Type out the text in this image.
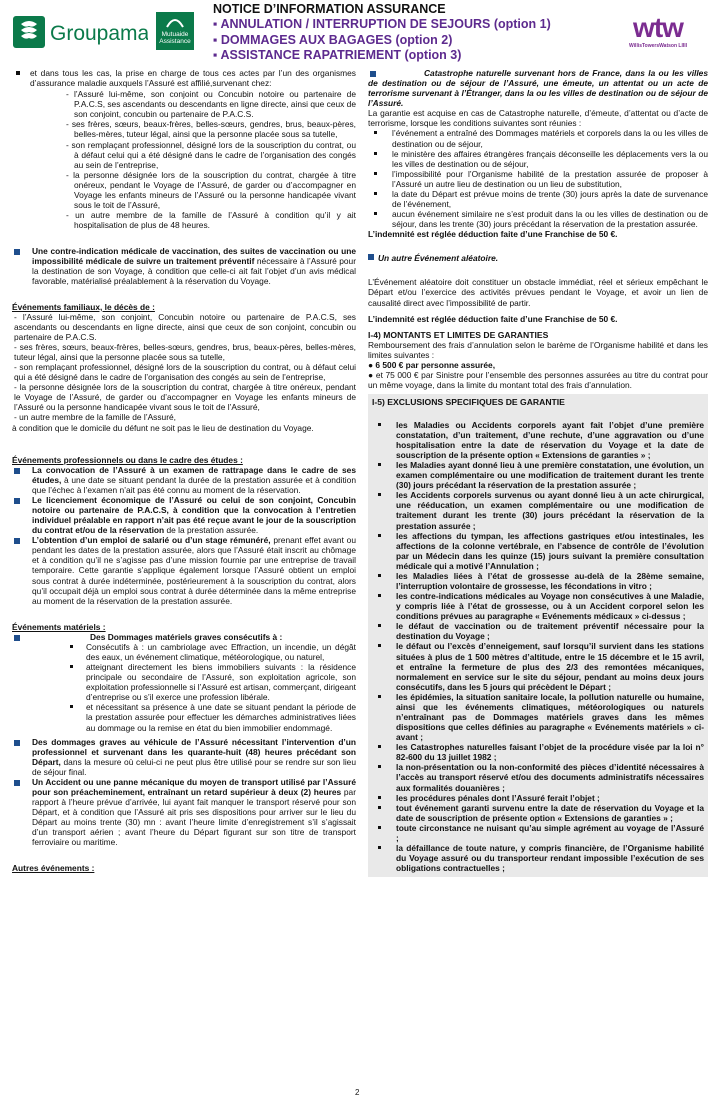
Groupama	Mutuaide Assistance
NOTICE D’INFORMATION ASSURANCE
▪ ANNULATION / INTERRUPTION DE SEJOURS (option 1)
▪ DOMMAGES AUX BAGAGES (option 2)
▪ ASSISTANCE RAPATRIEMENT (option 3)
wtw
WillisTowersWatson LIIII

et dans tous les cas, la prise en charge de tous ces actes par l’un des organismes d’assurance maladie auxquels l’Assuré est affilié,survenant chez:

- l’Assuré lui-même, son conjoint ou Concubin notoire ou partenaire de P.A.C.S, ses ascendants ou descendants en ligne directe, ainsi que ceux de son conjoint, concubin ou partenaire de P.A.C.S.

- ses frères, sœurs, beaux-frères, belles-sœurs, gendres, brus, beaux-pères, belles-mères, tuteur légal, ainsi que la personne placée sous sa tutelle,

- son remplaçant professionnel, désigné lors de la souscription du contrat, ou à défaut celui qui a été désigné dans le cadre de l’organisation des congés au sein de l’entreprise,

- la personne désignée lors de la souscription du contrat, chargée à titre onéreux, pendant le Voyage de l’Assuré, de garder ou d’accompagner en Voyage les enfants mineurs de l’Assuré ou la personne handicapée vivant sous le toit de l’Assuré,

- un autre membre de la famille de l’Assuré à condition qu’il y ait hospitalisation de plus de 48 heures.

Une contre-indication médicale de vaccination, des suites de vaccination ou une impossibilité médicale de suivre un traitement préventif nécessaire à l’Assuré pour la destination de son Voyage, à condition que celle-ci ait fait l’objet d’un avis médical favorable, matérialisé préalablement à la réservation du Voyage.

Événements familiaux, le décès de :

- l’Assuré lui-même, son conjoint, Concubin notoire ou partenaire de P.A.C.S, ses ascendants ou descendants en ligne directe, ainsi que ceux de son conjoint, concubin ou partenaire de P.A.C.S.

- ses frères, sœurs, beaux-frères, belles-sœurs, gendres, brus, beaux-pères, belles-mères, tuteur légal, ainsi que la personne placée sous sa tutelle,

- son remplaçant professionnel, désigné lors de la souscription du contrat, ou à défaut celui qui a été désigné dans le cadre de l’organisation des congés au sein de l’entreprise,

- la personne désignée lors de la souscription du contrat, chargée à titre onéreux, pendant le Voyage de l’Assuré, de garder ou d’accompagner en Voyage les enfants mineurs de l’Assuré ou la personne handicapée vivant sous le toit de l’Assuré,

- un autre membre de la famille de l’Assuré,

à condition que le domicile du défunt ne soit pas le lieu de destination du Voyage.

Événements professionnels ou dans le cadre des études :

La convocation de l’Assuré à un examen de rattrapage dans le cadre de ses études, à une date se situant pendant la durée de la prestation assurée et à condition que l’échec à l’examen n’ait pas été connu au moment de la réservation.

Le licenciement économique de l’Assuré ou celui de son conjoint, Concubin notoire ou partenaire de P.A.C.S, à condition que la convocation à l’entretien individuel préalable en rapport n’ait pas été reçue avant le jour de la souscription du contrat et/ou de la réservation de la prestation assurée.

L’obtention d’un emploi de salarié ou d’un stage rémunéré, prenant effet avant ou pendant les dates de la prestation assurée, alors que l’Assuré était inscrit au chômage et à condition qu’il ne s’agisse pas d’une mission fournie par une entreprise de travail temporaire. Cette garantie s’applique également lorsque l’Assuré obtient un emploi sous contrat à durée indéterminée, postérieurement à la souscription du contrat, alors qu’il occupait déjà un emploi sous contrat à durée déterminée dans la même entreprise au moment de la réservation de la prestation assurée.

Événements matériels :

Des Dommages matériels graves consécutifs à :

Consécutifs à : un cambriolage avec Effraction, un incendie, un dégât des eaux, un événement climatique, météorologique, ou naturel,

atteignant directement les biens immobiliers suivants : la résidence principale ou secondaire de l’Assuré, son exploitation agricole, son exploitation professionnelle si l’Assuré est artisan, commerçant, dirigeant d’entreprise ou s’il exerce une profession libérale.

et nécessitant sa présence à une date se situant pendant la période de la prestation assurée pour effectuer les démarches administratives liées au dommage ou la remise en état du bien immobilier endommagé.

Des dommages graves au véhicule de l’Assuré nécessitant l’intervention d’un professionnel et survenant dans les quarante-huit (48) heures précédant son Départ, dans la mesure où celui-ci ne peut plus être utilisé pour se rendre sur son lieu de séjour final.

Un Accident ou une panne mécanique du moyen de transport utilisé par l’Assuré pour son préacheminement, entraînant un retard supérieur à deux (2) heures par rapport à l’heure prévue d’arrivée, lui ayant fait manquer le transport réservé pour son Départ, et à condition que l’Assuré ait pris ses dispositions pour arriver sur le lieu du Départ au moins trente (30) mn : avant l’heure limite d’enregistrement s’il s’agissait d’un transport aérien ; avant l’heure du Départ figurant sur son titre de transport ferroviaire ou maritime.

Autres événements :

Catastrophe naturelle survenant hors de France, dans la ou les villes de destination ou de séjour de l’Assuré, une émeute, un attentat ou un acte de terrorisme survenant à l’Étranger, dans la ou les villes de destination ou de séjour de l’Assuré.

La garantie est acquise en cas de Catastrophe naturelle, d’émeute, d’attentat ou d’acte de terrorisme, lorsque les conditions suivantes sont réunies :

l’événement a entraîné des Dommages matériels et corporels dans la ou les villes de destination ou de séjour,

le ministère des affaires étrangères français déconseille les déplacements vers la ou les villes de destination ou de séjour,

l’impossibilité pour l’Organisme habilité de la prestation assurée de proposer à l’Assuré un autre lieu de destination ou un lieu de substitution,

la date du Départ est prévue moins de trente (30) jours après la date de survenance de l’événement,

aucun événement similaire ne s’est produit dans la ou les villes de destination ou de séjour, dans les trente (30) jours précédant la réservation de la prestation assurée.

L’indemnité est réglée déduction faite d’une Franchise de 50 €.

Un autre Événement aléatoire.

L’Événement aléatoire doit constituer un obstacle immédiat, réel et sérieux empêchant le Départ et/ou l’exercice des activités prévues pendant le Voyage, et avoir un lien de causalité direct avec l’impossibilité de partir.

L’indemnité est réglée déduction faite d’une Franchise de 50 €.

I-4) MONTANTS ET LIMITES DE GARANTIES

Remboursement des frais d’annulation selon le barème de l’Organisme habilité et dans les limites suivantes :

● 6 500 € par personne assurée,

● et 75 000 € par Sinistre pour l’ensemble des personnes assurées au titre du contrat pour un même voyage, dans la limite du montant total des frais d’annulation.

I-5) EXCLUSIONS SPECIFIQUES DE GARANTIE

les Maladies ou Accidents corporels ayant fait l’objet d’une première constatation, d’un traitement, d’une rechute, d’une aggravation ou d’une hospitalisation entre la date de réservation du Voyage et la date de souscription de la présente option « Extensions de garanties » ;

les Maladies ayant donné lieu à une première constatation, une évolution, un examen complémentaire ou une modification de traitement durant les trente (30) jours précédant la réservation de la prestation assurée ;

les Accidents corporels survenus ou ayant donné lieu à un acte chirurgical, une rééducation, un examen complémentaire ou une modification de traitement durant les trente (30) jours précédant la réservation de la prestation assurée ;

les affections du tympan, les affections gastriques et/ou intestinales, les affections de la colonne vertébrale, en l’absence de contrôle de l’évolution par un Médecin dans les quinze (15) jours suivant la première consultation médicale qui a motivé l’Annulation ;

les Maladies liées à l’état de grossesse au-delà de la 28ème semaine, l’interruption volontaire de grossesse, les fécondations in vitro ;

les contre-indications médicales au Voyage non consécutives à une Maladie, y compris liée à l’état de grossesse, ou à un Accident corporel selon les conditions prévues au paragraphe « Evénements médicaux » ci-dessus ;

le défaut de vaccination ou de traitement préventif nécessaire pour la destination du Voyage ;

le défaut ou l’excès d’enneigement, sauf lorsqu’il survient dans les stations situées à plus de 1 500 mètres d’altitude, entre le 15 décembre et le 15 avril, et entraîne la fermeture de plus des 2/3 des remontées mécaniques, normalement en service sur le site du séjour, pendant au moins deux jours consécutifs, dans les 5 jours qui précèdent le Départ ;

les épidémies, la situation sanitaire locale, la pollution naturelle ou humaine, ainsi que les événements climatiques, météorologiques ou naturels n’entraînant pas de Dommages matériels graves dans les mêmes dispositions que celles définies au paragraphe « Evénements matériels » ci-avant ;

les Catastrophes naturelles faisant l’objet de la procédure visée par la loi n° 82-600 du 13 juillet 1982 ;

la non-présentation ou la non-conformité des pièces d’identité nécessaires à l’accès au transport réservé et/ou des documents administratifs nécessaires aux formalités douanières ;

les procédures pénales dont l’Assuré ferait l’objet ;

tout événement garanti survenu entre la date de réservation du Voyage et la date de souscription de présente option « Extensions de garanties » ;

toute circonstance ne nuisant qu’au simple agrément au voyage de l’Assuré ;

la défaillance de toute nature, y compris financière, de l’Organisme habilité du Voyage assuré ou du transporteur rendant impossible l’exécution de ses obligations contractuelles ;

2
